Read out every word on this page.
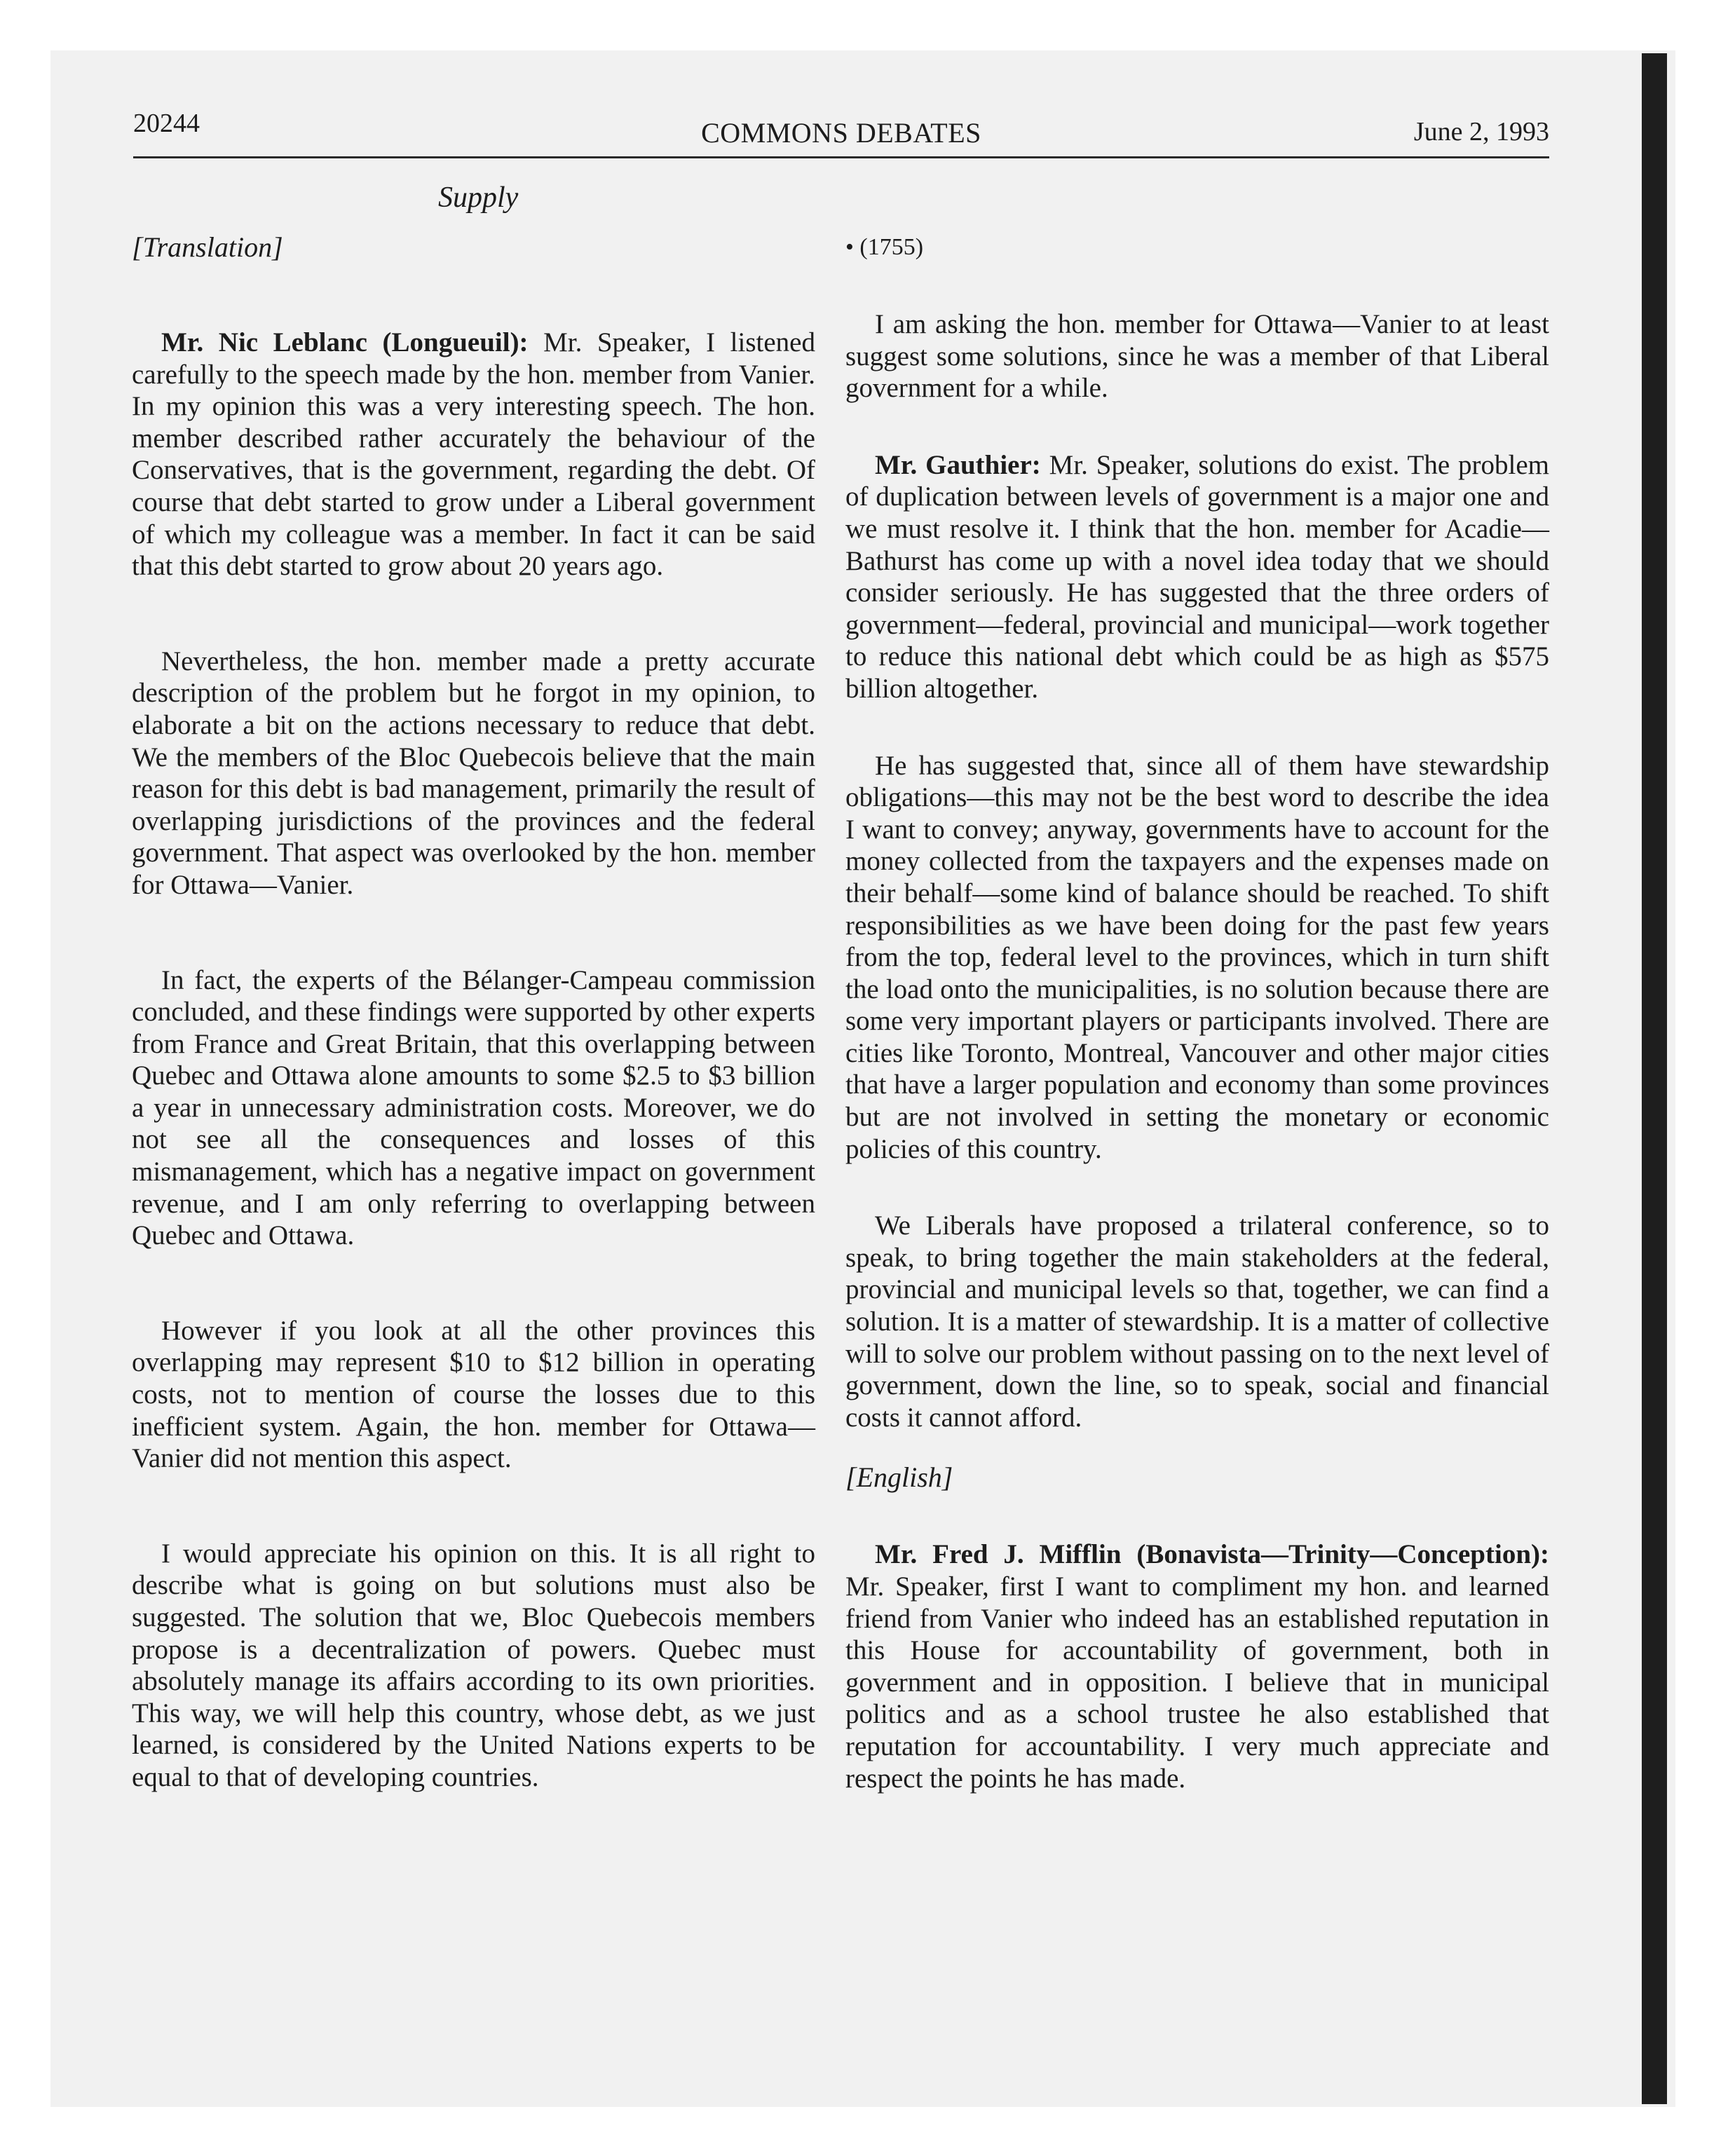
20244	COMMONS DEBATES	June 2, 1993
Supply

[Translation]

Mr. Nic Leblanc (Longueuil): Mr. Speaker, I listened carefully to the speech made by the hon. member from Vanier. In my opinion this was a very interesting speech. The hon. member described rather accurately the behaviour of the Conservatives, that is the government, regarding the debt. Of course that debt started to grow under a Liberal government of which my colleague was a member. In fact it can be said that this debt started to grow about 20 years ago.

Nevertheless, the hon. member made a pretty accurate description of the problem but he forgot in my opinion, to elaborate a bit on the actions necessary to reduce that debt. We the members of the Bloc Quebecois believe that the main reason for this debt is bad management, primarily the result of overlapping jurisdictions of the provinces and the federal government. That aspect was overlooked by the hon. member for Ottawa—Vanier.

In fact, the experts of the Bélanger-Campeau commission concluded, and these findings were supported by other experts from France and Great Britain, that this overlapping between Quebec and Ottawa alone amounts to some $2.5 to $3 billion a year in unnecessary administration costs. Moreover, we do not see all the consequences and losses of this mismanagement, which has a negative impact on government revenue, and I am only referring to overlapping between Quebec and Ottawa.

However if you look at all the other provinces this overlapping may represent $10 to $12 billion in operating costs, not to mention of course the losses due to this inefficient system. Again, the hon. member for Ottawa—Vanier did not mention this aspect.

I would appreciate his opinion on this. It is all right to describe what is going on but solutions must also be suggested. The solution that we, Bloc Quebecois members propose is a decentralization of powers. Quebec must absolutely manage its affairs according to its own priorities. This way, we will help this country, whose debt, as we just learned, is considered by the United Nations experts to be equal to that of developing countries.

• (1755)

I am asking the hon. member for Ottawa—Vanier to at least suggest some solutions, since he was a member of that Liberal government for a while.

Mr. Gauthier: Mr. Speaker, solutions do exist. The problem of duplication between levels of government is a major one and we must resolve it. I think that the hon. member for Acadie—Bathurst has come up with a novel idea today that we should consider seriously. He has suggested that the three orders of government—federal, provincial and municipal—work together to reduce this national debt which could be as high as $575 billion altogether.

He has suggested that, since all of them have stewardship obligations—this may not be the best word to describe the idea I want to convey; anyway, governments have to account for the money collected from the taxpayers and the expenses made on their behalf—some kind of balance should be reached. To shift responsibilities as we have been doing for the past few years from the top, federal level to the provinces, which in turn shift the load onto the municipalities, is no solution because there are some very important players or participants involved. There are cities like Toronto, Montreal, Vancouver and other major cities that have a larger population and economy than some provinces but are not involved in setting the monetary or economic policies of this country.

We Liberals have proposed a trilateral conference, so to speak, to bring together the main stakeholders at the federal, provincial and municipal levels so that, together, we can find a solution. It is a matter of stewardship. It is a matter of collective will to solve our problem without passing on to the next level of government, down the line, so to speak, social and financial costs it cannot afford.

[English]

Mr. Fred J. Mifflin (Bonavista—Trinity—Conception): Mr. Speaker, first I want to compliment my hon. and learned friend from Vanier who indeed has an established reputation in this House for accountability of government, both in government and in opposition. I believe that in municipal politics and as a school trustee he also established that reputation for accountability. I very much appreciate and respect the points he has made.
